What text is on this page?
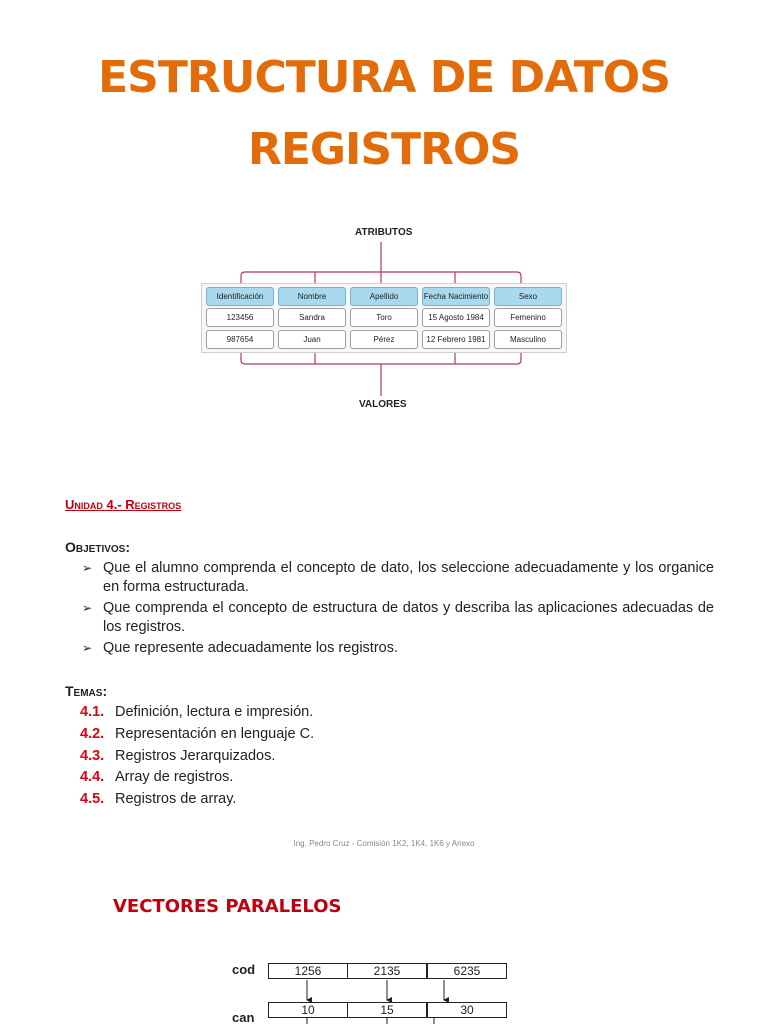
ESTRUCTURA DE DATOS
REGISTROS
ATRIBUTOS
Identificación	Nombre	Apellido	Fecha Nacimiento	Sexo
123456	Sandra	Toro	15 Agosto 1984	Femenino
987654	Juan	Pérez	12 Febrero 1981	Masculino
VALORES
Unidad 4.- Registros
Objetivos:
➢ Que el alumno comprenda el concepto de dato, los seleccione adecuadamente y los organice en forma estructurada.
➢ Que comprenda el concepto de estructura de datos y describa las aplicaciones adecuadas de los registros.
➢ Que represente adecuadamente los registros.
Temas:
4.1. Definición, lectura e impresión.
4.2. Representación en lenguaje C.
4.3. Registros Jerarquizados.
4.4. Array de registros.
4.5. Registros de array.
Ing. Pedro Cruz - Comisión 1K2, 1K4, 1K6 y Anexo
VECTORES PARALELOS
cod	1256	2135	6235
can	10	15	30
